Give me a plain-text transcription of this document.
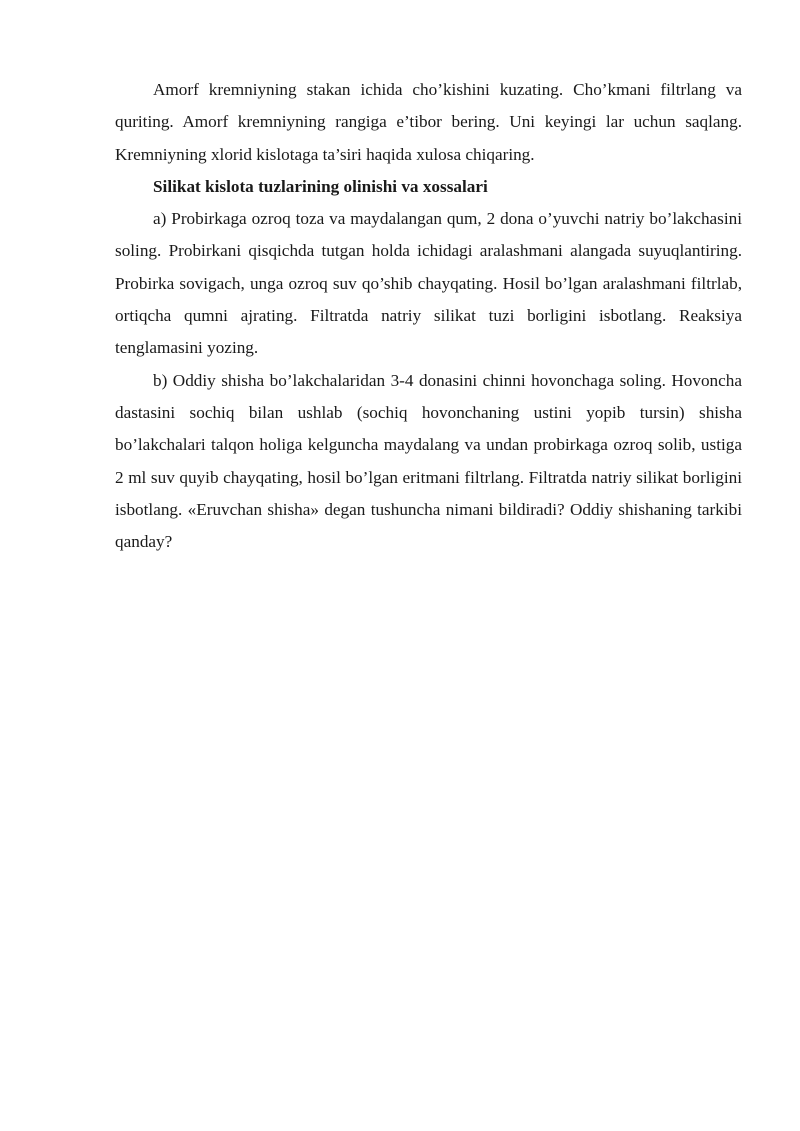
Amorf kremniyning stakan ichida cho’kishini kuzating. Cho’kmani filtrlang va quriting. Amorf kremniyning rangiga e’tibor bering. Uni keyingi lar uchun saqlang. Kremniyning xlorid kislotaga ta’siri haqida xulosa chiqaring.

Silikat kislota tuzlarining olinishi va xossalari

a) Probirkaga ozroq toza va maydalangan qum, 2 dona o’yuvchi natriy bo’lakchasini soling. Probirkani qisqichda tutgan holda ichidagi aralashmani alangada suyuqlantiring. Probirka sovigach, unga ozroq suv qo’shib chayqating. Hosil bo’lgan aralashmani filtrlab, ortiqcha qumni ajrating. Filtratda natriy silikat tuzi borligini isbotlang. Reaksiya tenglamasini yozing.

b) Oddiy shisha bo’lakchalaridan 3-4 donasini chinni hovonchaga soling. Hovoncha dastasini sochiq bilan ushlab (sochiq hovonchaning ustini yopib tursin) shisha bo’lakchalari talqon holiga kelguncha maydalang va undan probirkaga ozroq solib, ustiga 2 ml suv quyib chayqating, hosil bo’lgan eritmani filtrlang. Filtratda natriy silikat borligini isbotlang. «Eruvchan shisha» degan tushuncha nimani bildiradi? Oddiy shishaning tarkibi qanday?
